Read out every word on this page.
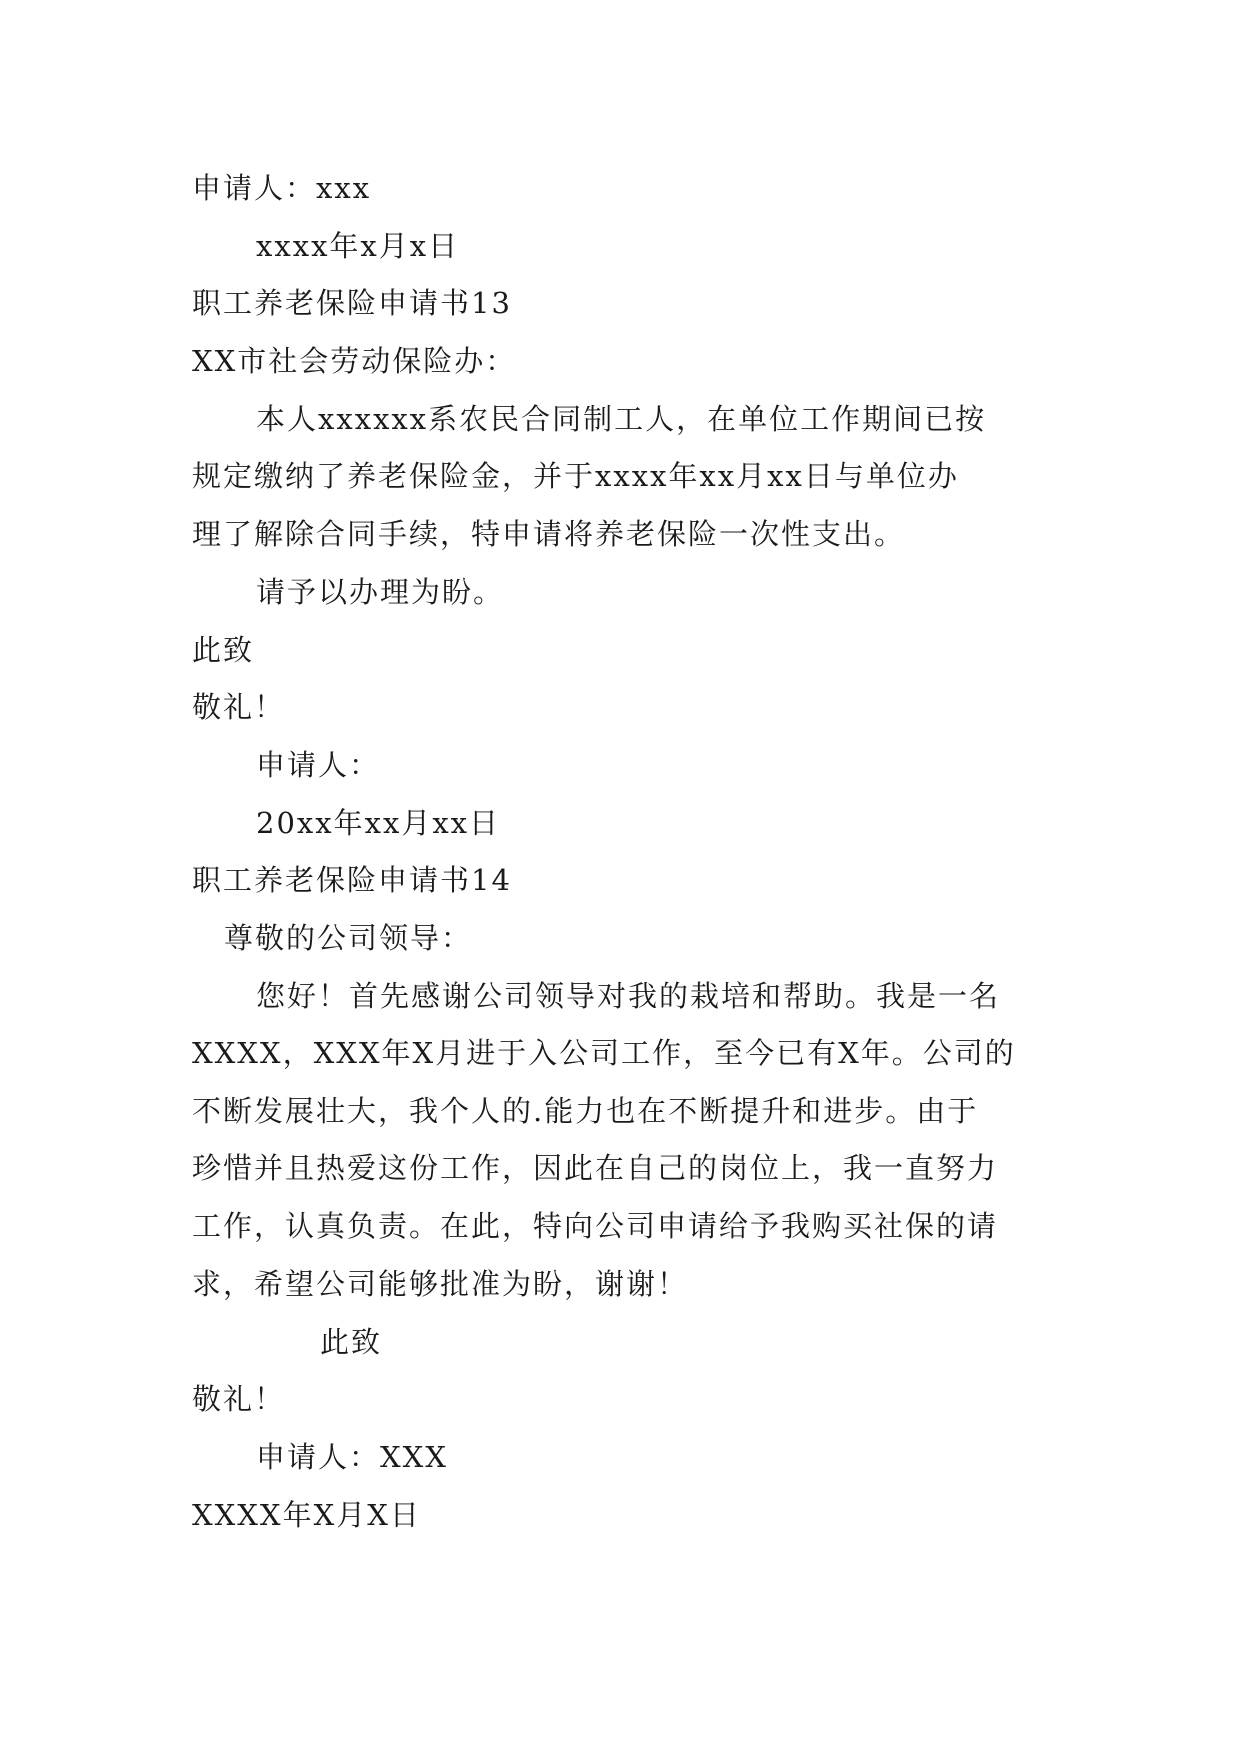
申请人：xxx
xxxx年x月x日
职工养老保险申请书13
XX市社会劳动保险办：
本人xxxxxx系农民合同制工人，在单位工作期间已按
规定缴纳了养老保险金，并于xxxx年xx月xx日与单位办
理了解除合同手续，特申请将养老保险一次性支出。
请予以办理为盼。
此致
敬礼！
申请人：
20xx年xx月xx日
职工养老保险申请书14
尊敬的公司领导：
您好！首先感谢公司领导对我的栽培和帮助。我是一名
XXXX，XXX年X月进于入公司工作，至今已有X年。公司的
不断发展壮大，我个人的.能力也在不断提升和进步。由于
珍惜并且热爱这份工作，因此在自己的岗位上，我一直努力
工作，认真负责。在此，特向公司申请给予我购买社保的请
求，希望公司能够批准为盼，谢谢！
此致
敬礼！
申请人：XXX
XXXX年X月X日
